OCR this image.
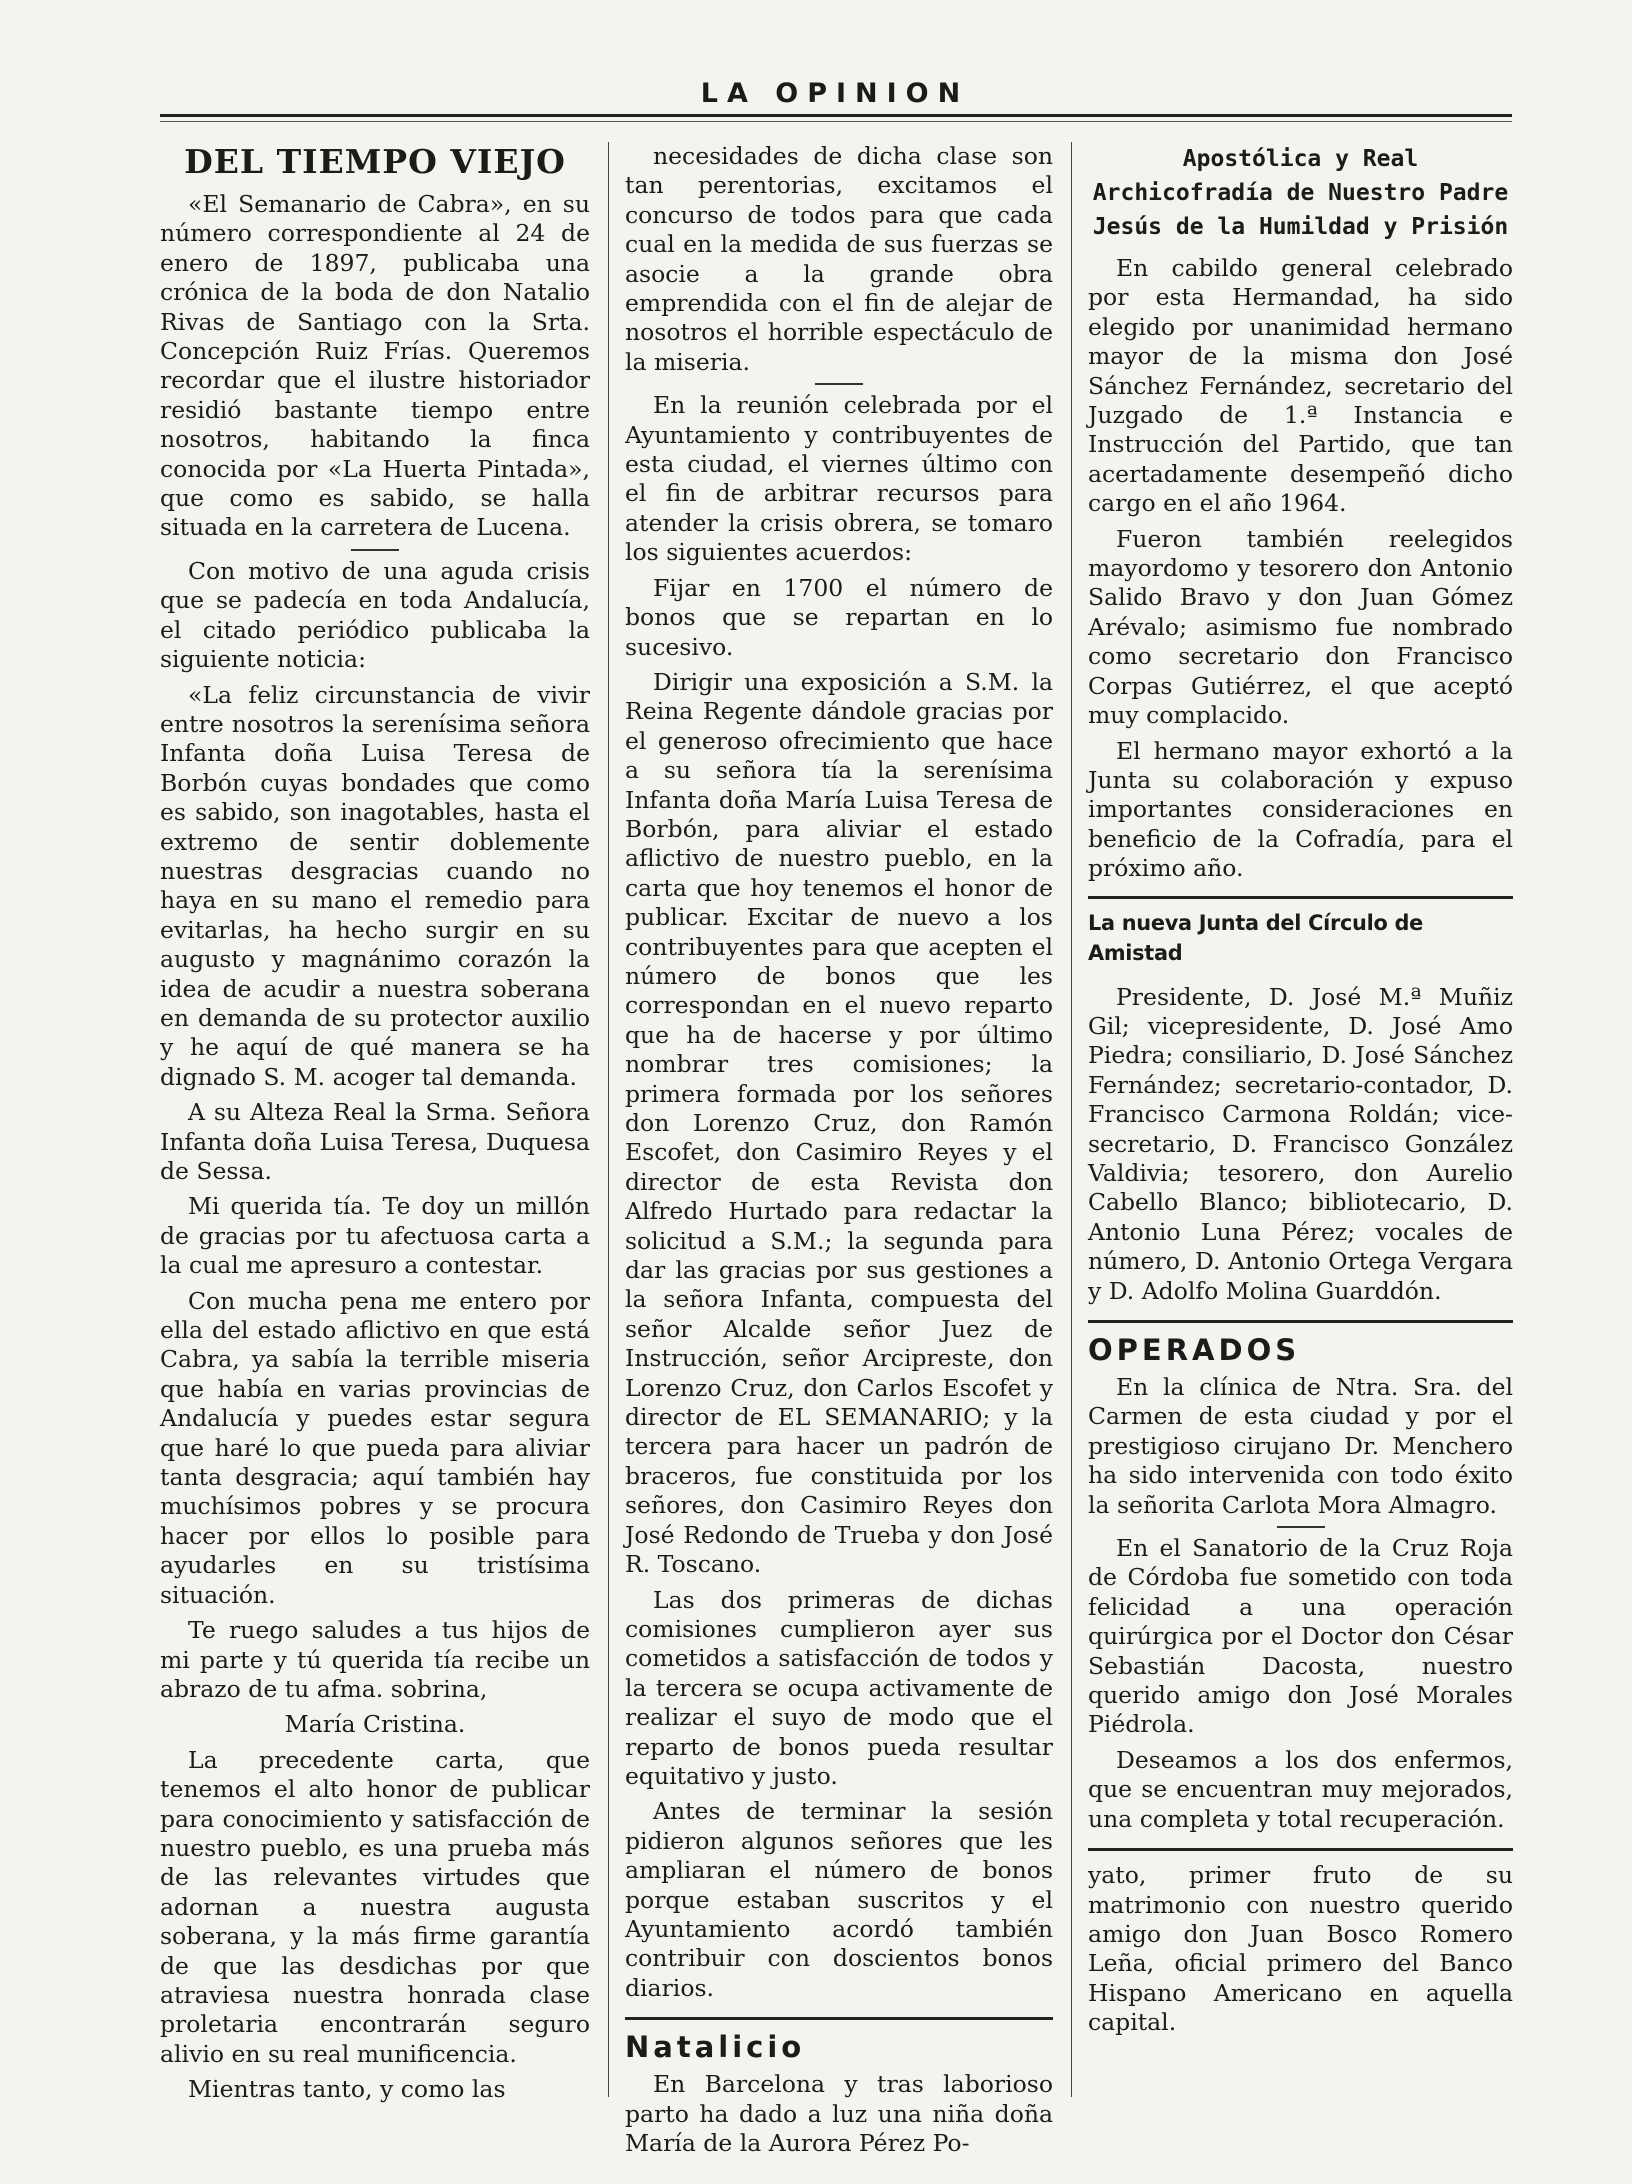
LA OPINION
DEL TIEMPO VIEJO

«El Semanario de Cabra», en su número correspondiente al 24 de enero de 1897, publicaba una crónica de la boda de don Natalio Rivas de Santiago con la Srta. Concepción Ruiz Frías. Queremos recordar que el ilustre historiador residió bastante tiempo entre nosotros, habitando la finca conocida por «La Huerta Pintada», que como es sabido, se halla situada en la carretera de Lucena.

Con motivo de una aguda crisis que se padecía en toda Andalucía, el citado periódico publicaba la siguiente noticia:

«La feliz circunstancia de vivir entre nosotros la serenísima señora Infanta doña Luisa Teresa de Borbón cuyas bondades que como es sabido, son inagotables, hasta el extremo de sentir doblemente nuestras desgracias cuando no haya en su mano el remedio para evitarlas, ha hecho surgir en su augusto y magnánimo corazón la idea de acudir a nuestra soberana en demanda de su protector auxilio y he aquí de qué manera se ha dignado S. M. acoger tal demanda.

A su Alteza Real la Srma. Señora Infanta doña Luisa Teresa, Duquesa de Sessa.

Mi querida tía. Te doy un millón de gracias por tu afectuosa carta a la cual me apresuro a contestar.

Con mucha pena me entero por ella del estado aflictivo en que está Cabra, ya sabía la terrible miseria que había en varias provincias de Andalucía y puedes estar segura que haré lo que pueda para aliviar tanta desgracia; aquí también hay muchísimos pobres y se procura hacer por ellos lo posible para ayudarles en su tristísima situación.

Te ruego saludes a tus hijos de mi parte y tú querida tía recibe un abrazo de tu afma. sobrina,

María Cristina.

La precedente carta, que tenemos el alto honor de publicar para conocimiento y satisfacción de nuestro pueblo, es una prueba más de las relevantes virtudes que adornan a nuestra augusta soberana, y la más firme garantía de que las desdichas por que atraviesa nuestra honrada clase proletaria encontrarán seguro alivio en su real munificencia.

Mientras tanto, y como las

necesidades de dicha clase son tan perentorias, excitamos el concurso de todos para que cada cual en la medida de sus fuerzas se asocie a la grande obra emprendida con el fin de alejar de nosotros el horrible espectáculo de la miseria.

En la reunión celebrada por el Ayuntamiento y contribuyentes de esta ciudad, el viernes último con el fin de arbitrar recursos para atender la crisis obrera, se tomaro los siguientes acuerdos:

Fijar en 1700 el número de bonos que se repartan en lo sucesivo.

Dirigir una exposición a S.M. la Reina Regente dándole gracias por el generoso ofrecimiento que hace a su señora tía la serenísima Infanta doña María Luisa Teresa de Borbón, para aliviar el estado aflictivo de nuestro pueblo, en la carta que hoy tenemos el honor de publicar. Excitar de nuevo a los contribuyentes para que acepten el número de bonos que les correspondan en el nuevo reparto que ha de hacerse y por último nombrar tres comisiones; la primera formada por los señores don Lorenzo Cruz, don Ramón Escofet, don Casimiro Reyes y el director de esta Revista don Alfredo Hurtado para redactar la solicitud a S.M.; la segunda para dar las gracias por sus gestiones a la señora Infanta, compuesta del señor Alcalde señor Juez de Instrucción, señor Arcipreste, don Lorenzo Cruz, don Carlos Escofet y director de EL SEMANARIO; y la tercera para hacer un padrón de braceros, fue constituida por los señores, don Casimiro Reyes don José Redondo de Trueba y don José R. Toscano.

Las dos primeras de dichas comisiones cumplieron ayer sus cometidos a satisfacción de todos y la tercera se ocupa activamente de realizar el suyo de modo que el reparto de bonos pueda resultar equitativo y justo.

Antes de terminar la sesión pidieron algunos señores que les ampliaran el número de bonos porque estaban suscritos y el Ayuntamiento acordó también contribuir con doscientos bonos diarios.

Natalicio

En Barcelona y tras laborioso parto ha dado a luz una niña doña María de la Aurora Pérez Po-

Apostólica y Real Archicofradía de Nuestro Padre Jesús de la Humildad y Prisión

En cabildo general celebrado por esta Hermandad, ha sido elegido por unanimidad hermano mayor de la misma don José Sánchez Fernández, secretario del Juzgado de 1.ª Instancia e Instrucción del Partido, que tan acertadamente desempeñó dicho cargo en el año 1964.

Fueron también reelegidos mayordomo y tesorero don Antonio Salido Bravo y don Juan Gómez Arévalo; asimismo fue nombrado como secretario don Francisco Corpas Gutiérrez, el que aceptó muy complacido.

El hermano mayor exhortó a la Junta su colaboración y expuso importantes consideraciones en beneficio de la Cofradía, para el próximo año.

La nueva Junta del Círculo de Amistad

Presidente, D. José M.ª Muñiz Gil; vicepresidente, D. José Amo Piedra; consiliario, D. José Sánchez Fernández; secretario-contador, D. Francisco Carmona Roldán; vice-secretario, D. Francisco González Valdivia; tesorero, don Aurelio Cabello Blanco; bibliotecario, D. Antonio Luna Pérez; vocales de número, D. Antonio Ortega Vergara y D. Adolfo Molina Guarddón.

OPERADOS

En la clínica de Ntra. Sra. del Carmen de esta ciudad y por el prestigioso cirujano Dr. Menchero ha sido intervenida con todo éxito la señorita Carlota Mora Almagro.

En el Sanatorio de la Cruz Roja de Córdoba fue sometido con toda felicidad a una operación quirúrgica por el Doctor don César Sebastián Dacosta, nuestro querido amigo don José Morales Piédrola.

Deseamos a los dos enfermos, que se encuentran muy mejorados, una completa y total recuperación.

yato, primer fruto de su matrimonio con nuestro querido amigo don Juan Bosco Romero Leña, oficial primero del Banco Hispano Americano en aquella capital.
